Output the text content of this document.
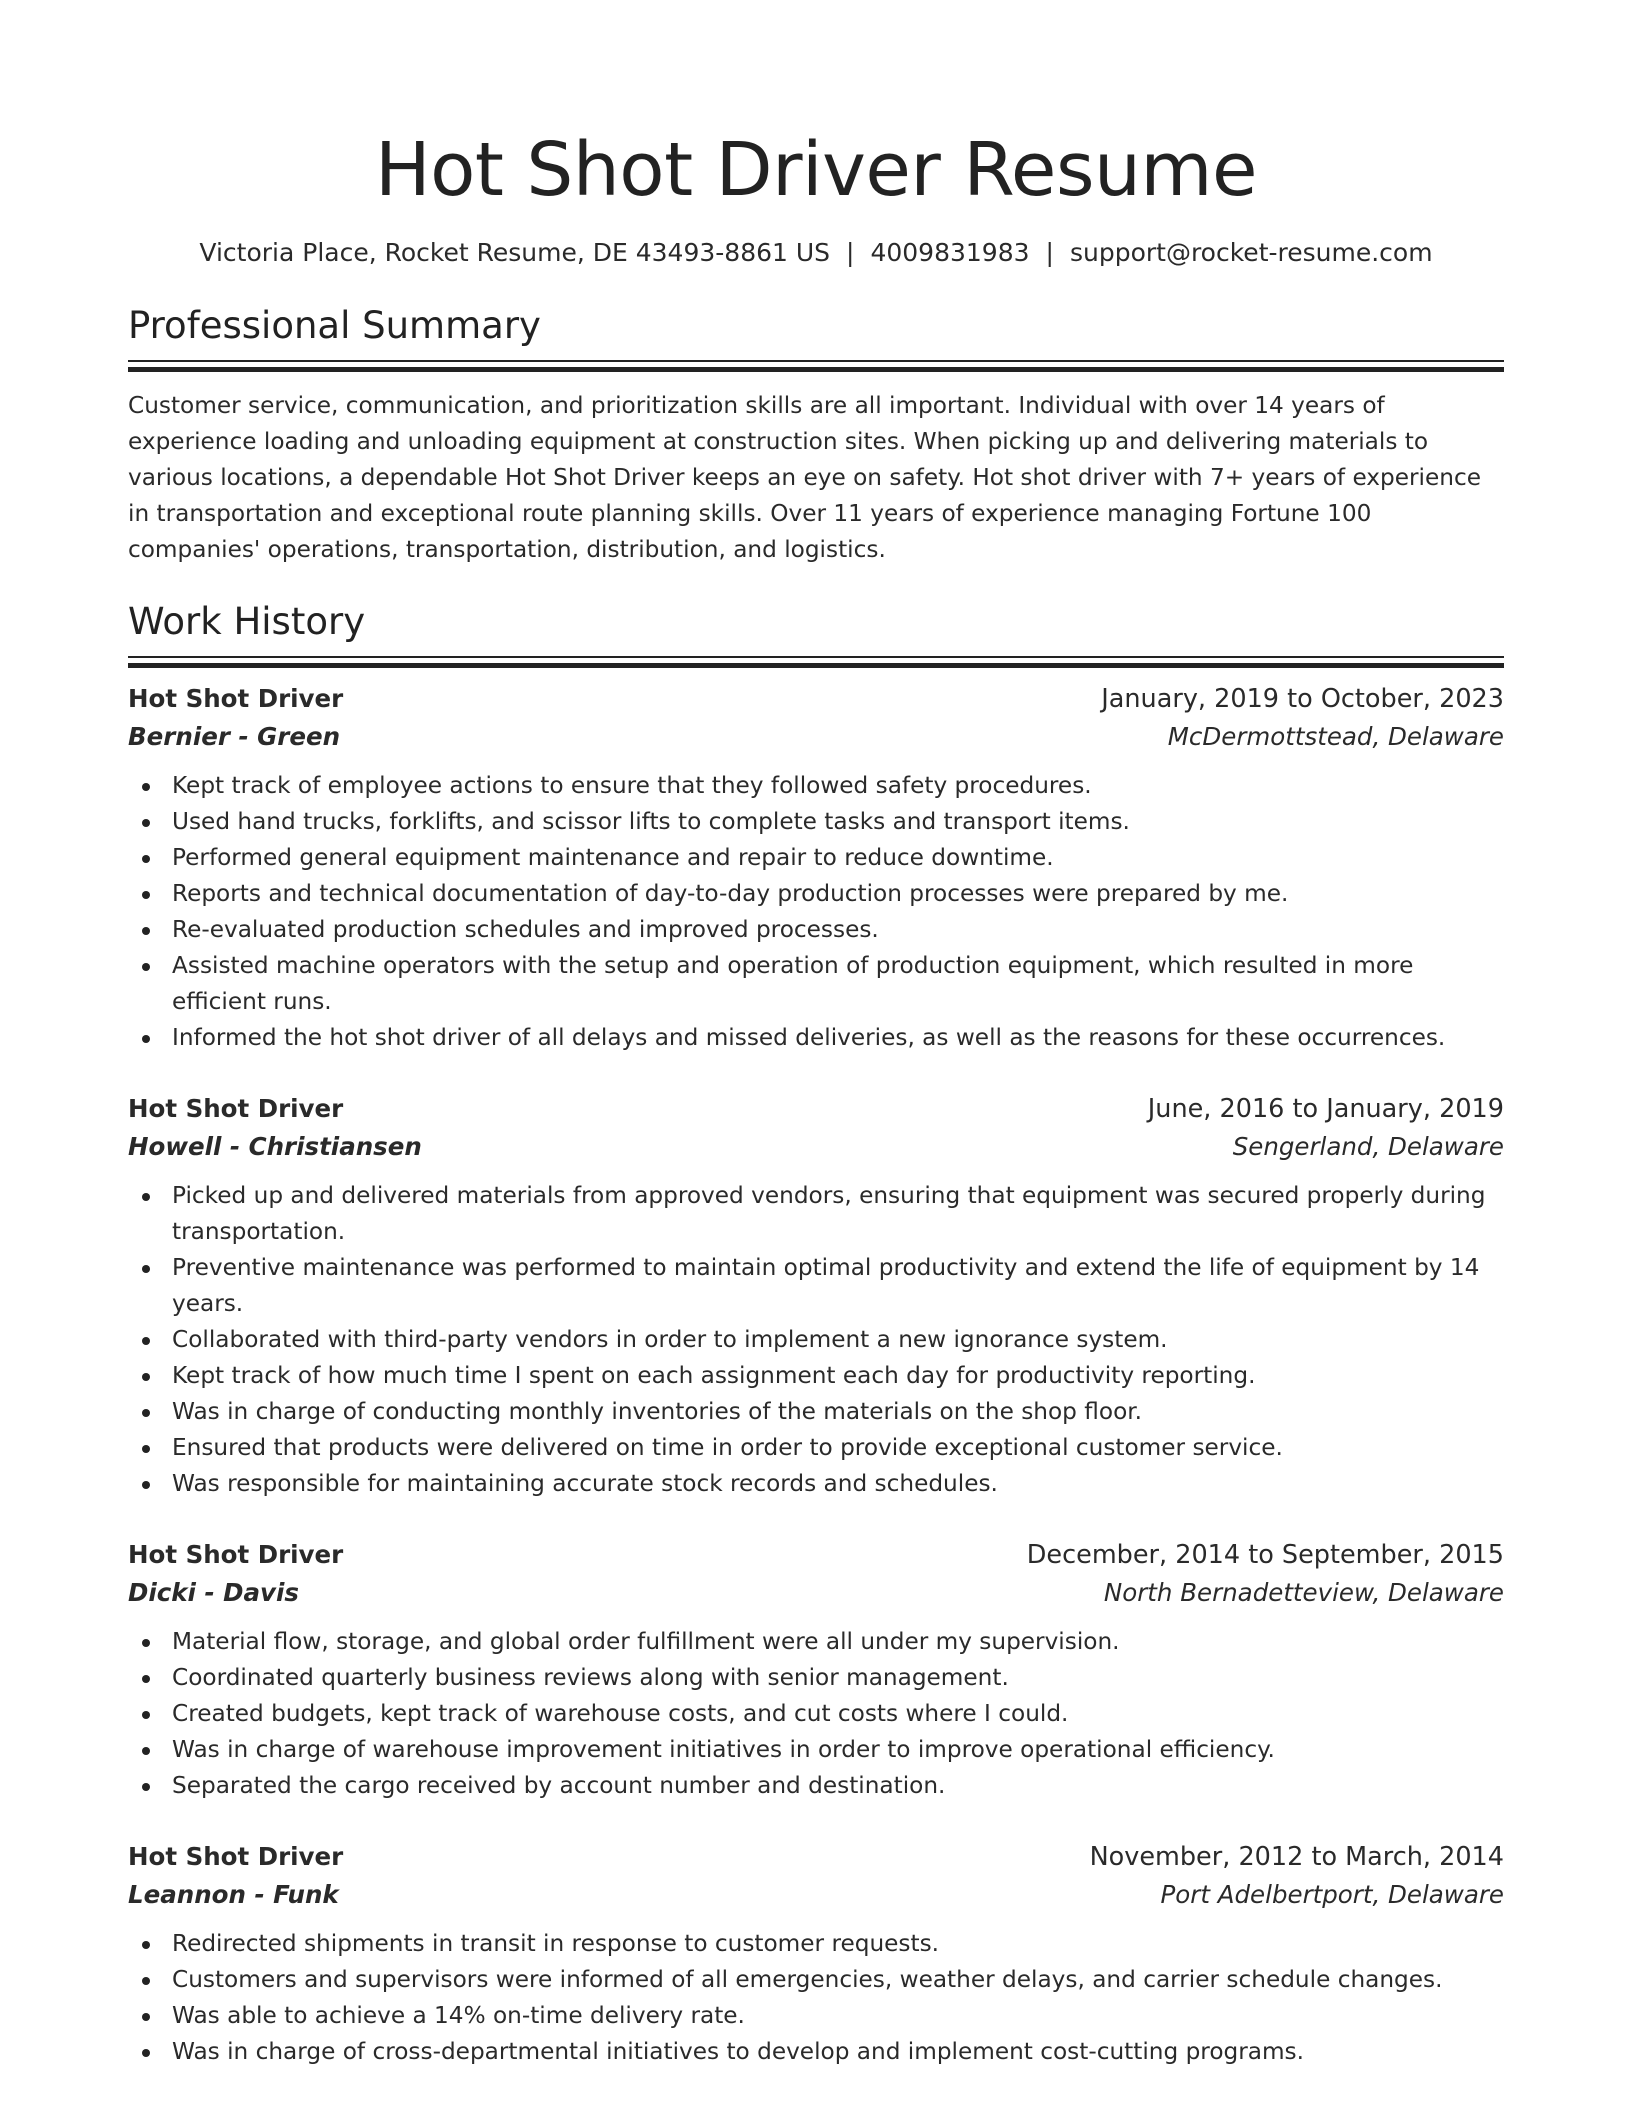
Hot Shot Driver Resume
Victoria Place, Rocket Resume, DE 43493-8861 US | 4009831983 | support@rocket-resume.com
Professional Summary
Customer service, communication, and prioritization skills are all important. Individual with over 14 years of experience loading and unloading equipment at construction sites. When picking up and delivering materials to various locations, a dependable Hot Shot Driver keeps an eye on safety. Hot shot driver with 7+ years of experience in transportation and exceptional route planning skills. Over 11 years of experience managing Fortune 100 companies' operations, transportation, distribution, and logistics.
Work History
Hot Shot Driver	January, 2019 to October, 2023
Bernier - Green	McDermottstead, Delaware
Kept track of employee actions to ensure that they followed safety procedures.
Used hand trucks, forklifts, and scissor lifts to complete tasks and transport items.
Performed general equipment maintenance and repair to reduce downtime.
Reports and technical documentation of day-to-day production processes were prepared by me.
Re-evaluated production schedules and improved processes.
Assisted machine operators with the setup and operation of production equipment, which resulted in more efficient runs.
Informed the hot shot driver of all delays and missed deliveries, as well as the reasons for these occurrences.
Hot Shot Driver	June, 2016 to January, 2019
Howell - Christiansen	Sengerland, Delaware
Picked up and delivered materials from approved vendors, ensuring that equipment was secured properly during transportation.
Preventive maintenance was performed to maintain optimal productivity and extend the life of equipment by 14 years.
Collaborated with third-party vendors in order to implement a new ignorance system.
Kept track of how much time I spent on each assignment each day for productivity reporting.
Was in charge of conducting monthly inventories of the materials on the shop floor.
Ensured that products were delivered on time in order to provide exceptional customer service.
Was responsible for maintaining accurate stock records and schedules.
Hot Shot Driver	December, 2014 to September, 2015
Dicki - Davis	North Bernadetteview, Delaware
Material flow, storage, and global order fulfillment were all under my supervision.
Coordinated quarterly business reviews along with senior management.
Created budgets, kept track of warehouse costs, and cut costs where I could.
Was in charge of warehouse improvement initiatives in order to improve operational efficiency.
Separated the cargo received by account number and destination.
Hot Shot Driver	November, 2012 to March, 2014
Leannon - Funk	Port Adelbertport, Delaware
Redirected shipments in transit in response to customer requests.
Customers and supervisors were informed of all emergencies, weather delays, and carrier schedule changes.
Was able to achieve a 14% on-time delivery rate.
Was in charge of cross-departmental initiatives to develop and implement cost-cutting programs.
